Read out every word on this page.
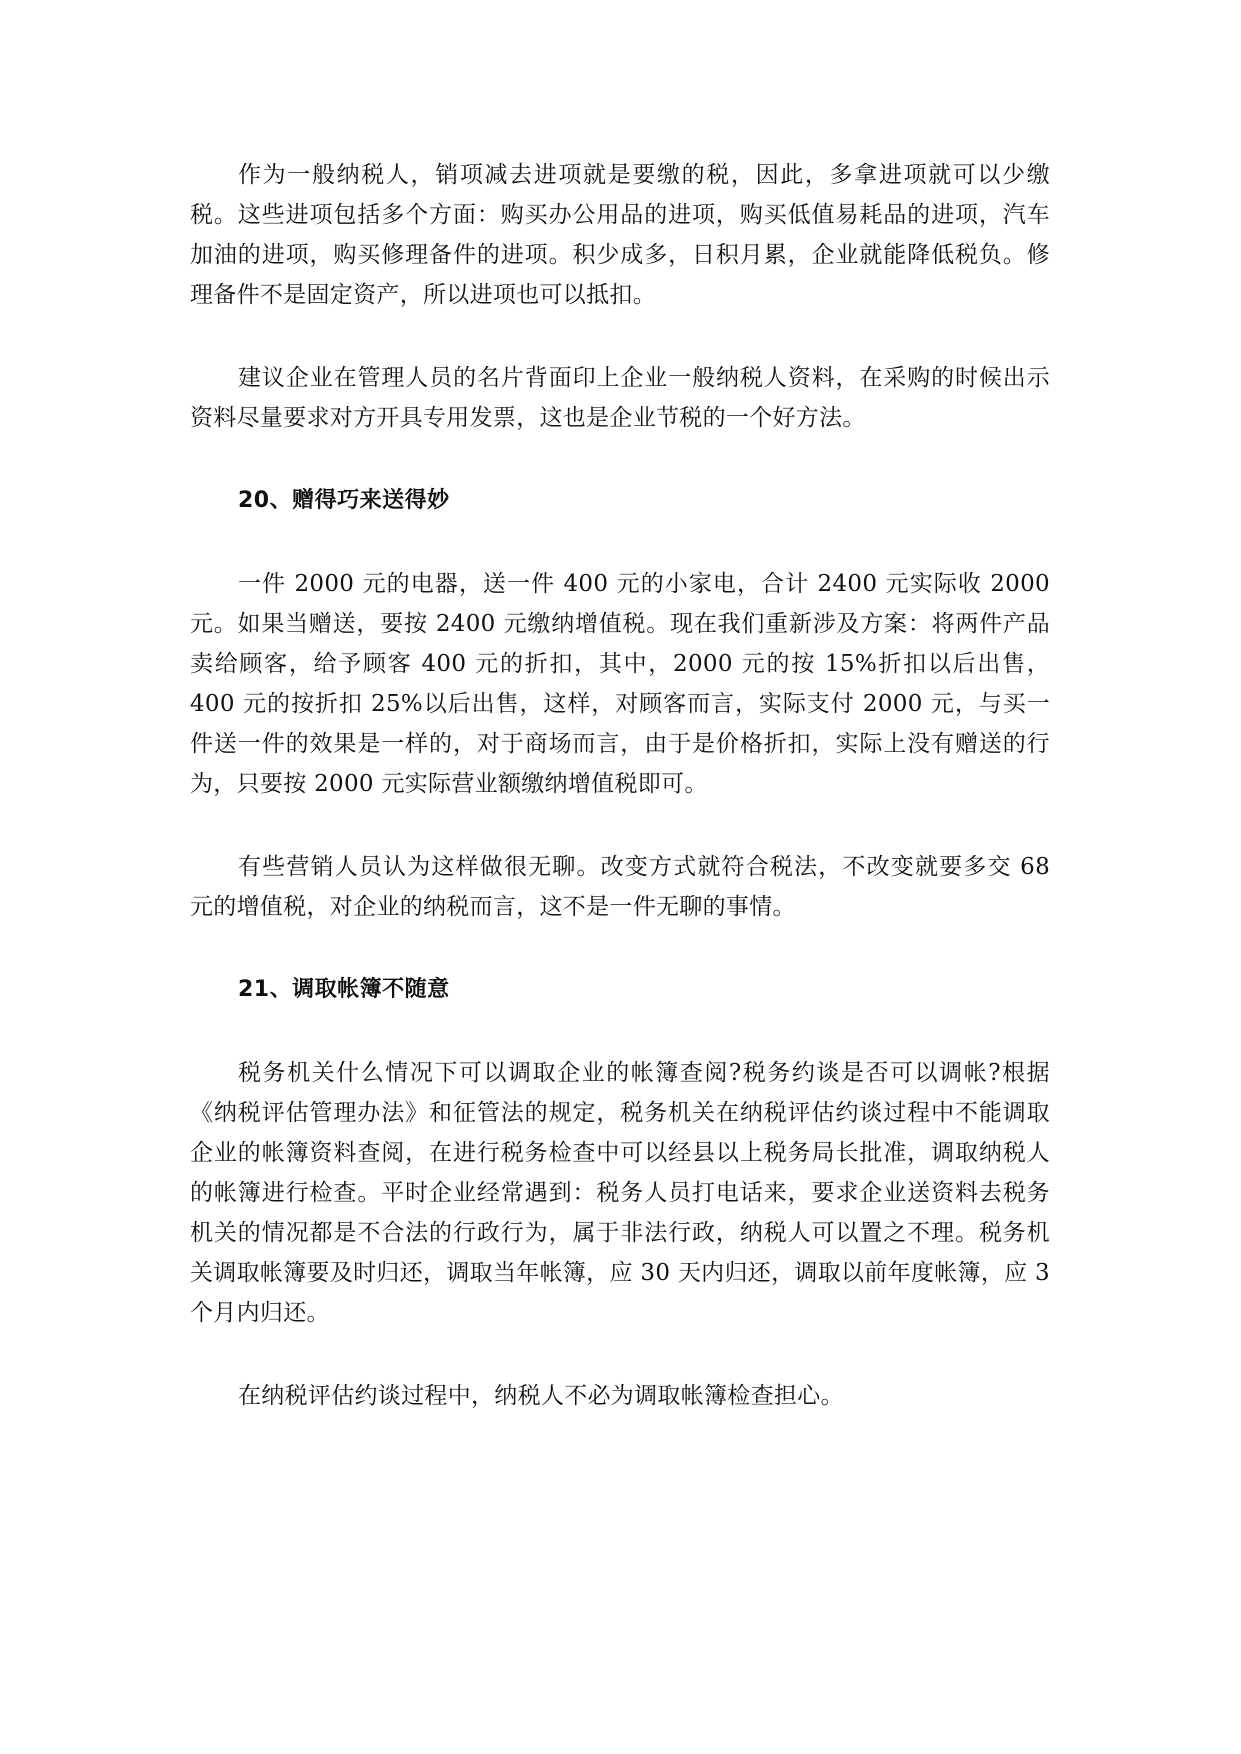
作为一般纳税人，销项减去进项就是要缴的税，因此，多拿进项就可以少缴税。这些进项包括多个方面：购买办公用品的进项，购买低值易耗品的进项，汽车加油的进项，购买修理备件的进项。积少成多，日积月累，企业就能降低税负。修理备件不是固定资产，所以进项也可以抵扣。

建议企业在管理人员的名片背面印上企业一般纳税人资料，在采购的时候出示资料尽量要求对方开具专用发票，这也是企业节税的一个好方法。

20、赠得巧来送得妙

一件 2000 元的电器，送一件 400 元的小家电，合计 2400 元实际收 2000 元。如果当赠送，要按 2400 元缴纳增值税。现在我们重新涉及方案：将两件产品卖给顾客，给予顾客 400 元的折扣，其中，2000 元的按 15%折扣以后出售，400 元的按折扣 25%以后出售，这样，对顾客而言，实际支付 2000 元，与买一件送一件的效果是一样的，对于商场而言，由于是价格折扣，实际上没有赠送的行为，只要按 2000 元实际营业额缴纳增值税即可。

有些营销人员认为这样做很无聊。改变方式就符合税法，不改变就要多交 68 元的增值税，对企业的纳税而言，这不是一件无聊的事情。

21、调取帐簿不随意

税务机关什么情况下可以调取企业的帐簿查阅?税务约谈是否可以调帐?根据《纳税评估管理办法》和征管法的规定，税务机关在纳税评估约谈过程中不能调取企业的帐簿资料查阅，在进行税务检查中可以经县以上税务局长批准，调取纳税人的帐簿进行检查。平时企业经常遇到：税务人员打电话来，要求企业送资料去税务机关的情况都是不合法的行政行为，属于非法行政，纳税人可以置之不理。税务机关调取帐簿要及时归还，调取当年帐簿，应 30 天内归还，调取以前年度帐簿，应 3 个月内归还。

在纳税评估约谈过程中，纳税人不必为调取帐簿检查担心。
